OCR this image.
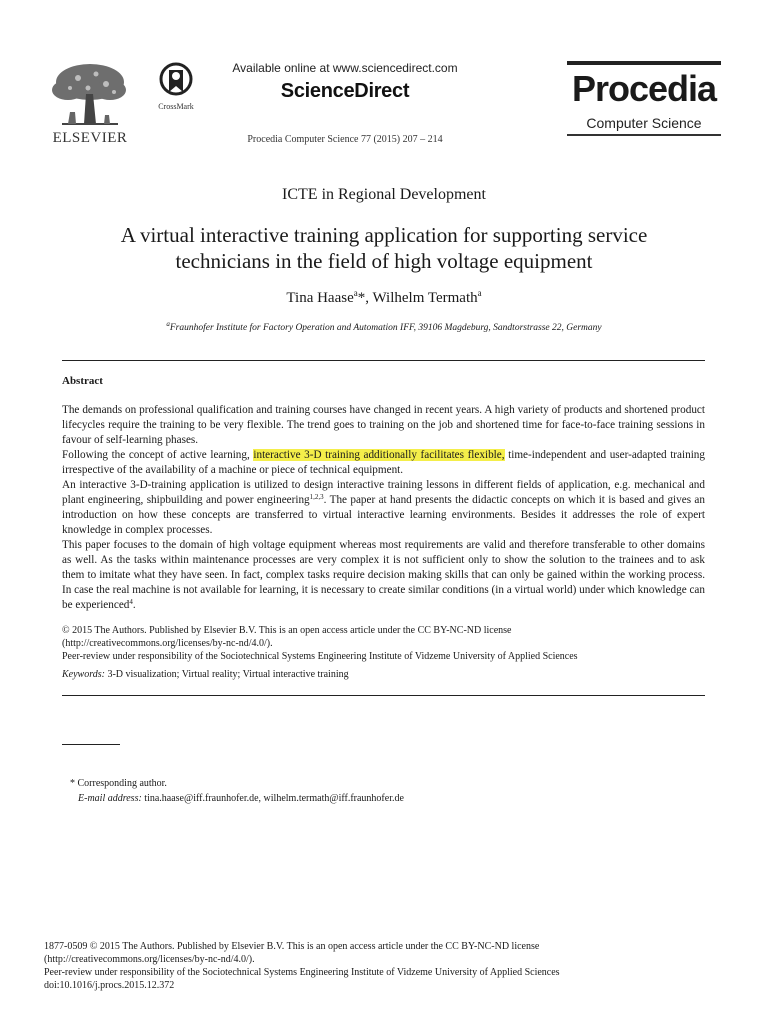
ELSEVIER
CrossMark
Available online at www.sciencedirect.com
ScienceDirect
Procedia Computer Science 77 (2015) 207 – 214
Procedia
Computer Science
ICTE in Regional Development
A virtual interactive training application for supporting service
technicians in the field of high voltage equipment
Tina Haase$^a$*, Wilhelm Termath$^a$
$^a$Fraunhofer Institute for Factory Operation and Automation IFF, 39106 Magdeburg, Sandtorstrasse 22, Germany
Abstract

The demands on professional qualification and training courses have changed in recent years. A high variety of products and shortened product lifecycles require the training to be very flexible. The trend goes to training on the job and shortened time for face-to-face training sessions in favour of self-learning phases.

Following the concept of active learning, interactive 3-D training additionally facilitates flexible, time-independent and user-adapted training irrespective of the availability of a machine or piece of technical equipment.

An interactive 3-D-training application is utilized to design interactive training lessons in different fields of application, e.g. mechanical and plant engineering, shipbuilding and power engineering$^{1,2,3}$. The paper at hand presents the didactic concepts on which it is based and gives an introduction on how these concepts are transferred to virtual interactive learning environments. Besides it addresses the role of expert knowledge in complex processes.

This paper focuses to the domain of high voltage equipment whereas most requirements are valid and therefore transferable to other domains as well. As the tasks within maintenance processes are very complex it is not sufficient only to show the solution to the trainees and to ask them to imitate what they have seen. In fact, complex tasks require decision making skills that can only be gained within the working process. In case the real machine is not available for learning, it is necessary to create similar conditions (in a virtual world) under which knowledge can be experienced$^4$.

© 2015 The Authors. Published by Elsevier B.V. This is an open access article under the CC BY-NC-ND license
(http://creativecommons.org/licenses/by-nc-nd/4.0/).
Peer-review under responsibility of the Sociotechnical Systems Engineering Institute of Vidzeme University of Applied Sciences
Keywords: 3-D visualization; Virtual reality; Virtual interactive training
* Corresponding author.
E-mail address: tina.haase@iff.fraunhofer.de, wilhelm.termath@iff.fraunhofer.de
1877-0509 © 2015 The Authors. Published by Elsevier B.V. This is an open access article under the CC BY-NC-ND license
(http://creativecommons.org/licenses/by-nc-nd/4.0/).
Peer-review under responsibility of the Sociotechnical Systems Engineering Institute of Vidzeme University of Applied Sciences
doi:10.1016/j.procs.2015.12.372
